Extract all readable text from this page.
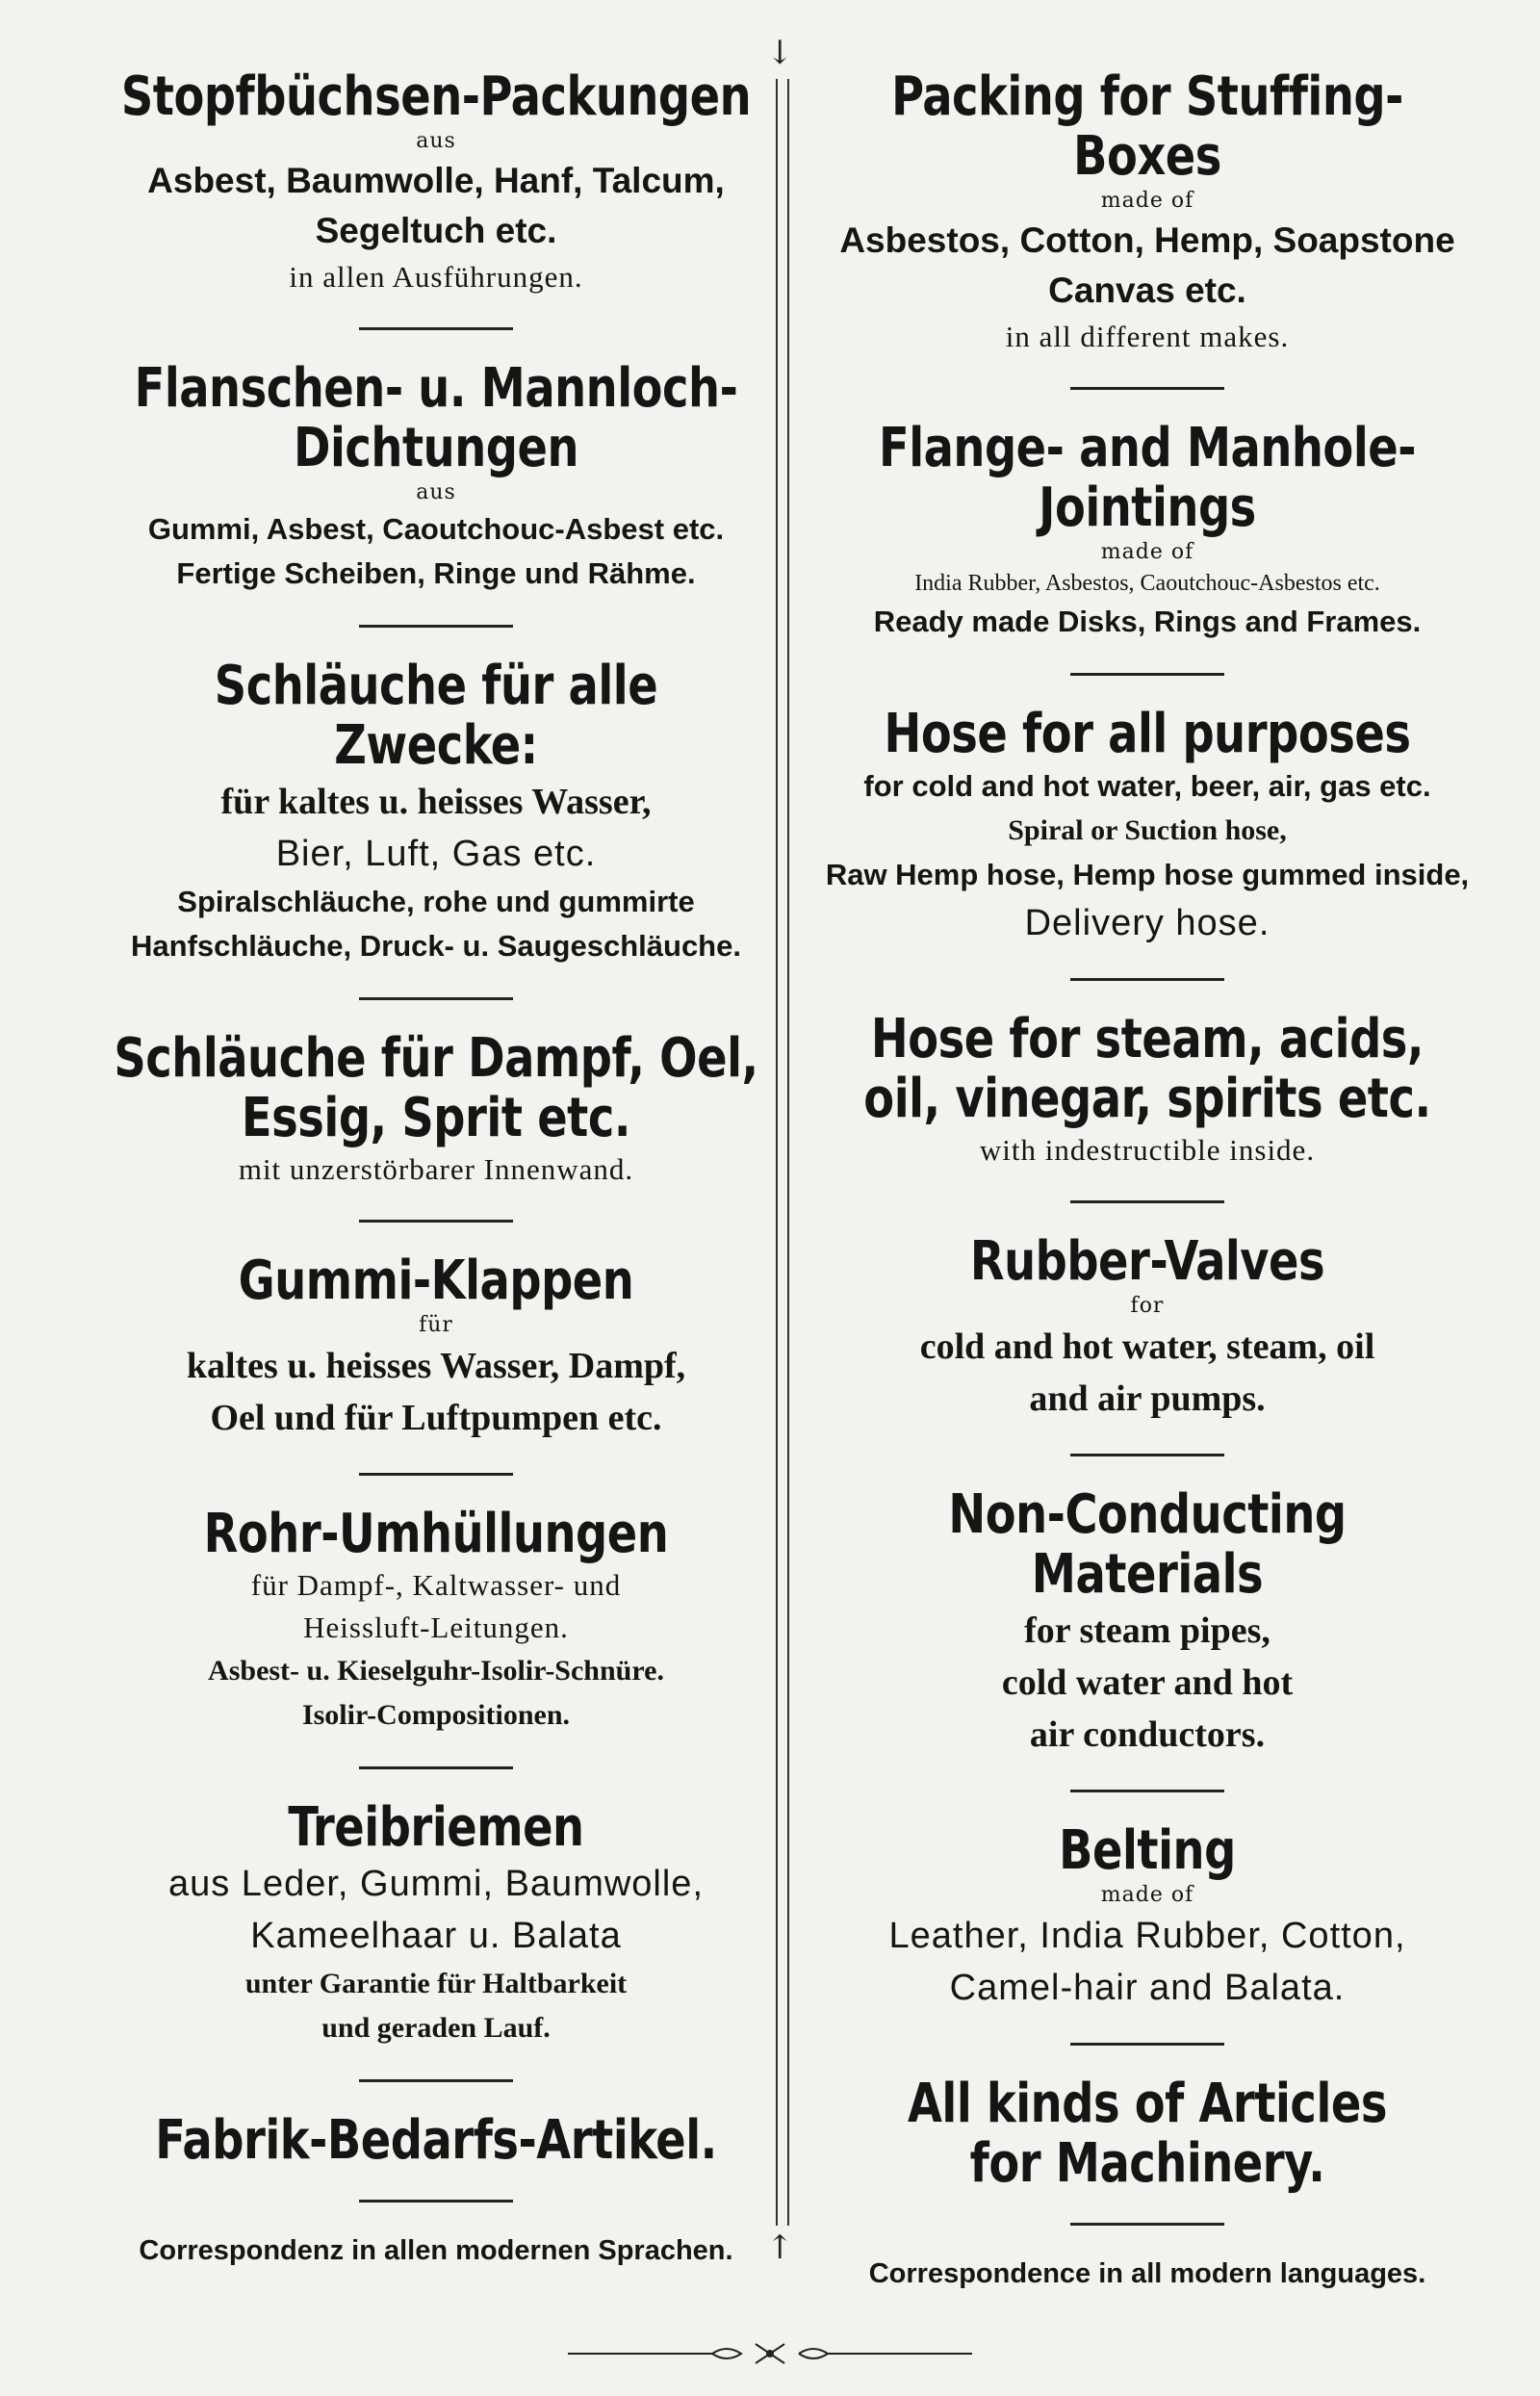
Stopfbüchsen-Packungen

aus

Asbest, Baumwolle, Hanf, Talcum,

Segeltuch etc.

in allen Ausführungen.

Flanschen- u. Mannloch-

Dichtungen

aus

Gummi, Asbest, Caoutchouc-Asbest etc.

Fertige Scheiben, Ringe und Rähme.

Schläuche für alle Zwecke:

für kaltes u. heisses Wasser,

Bier, Luft, Gas etc.

Spiralschläuche, rohe und gummirte

Hanfschläuche, Druck- u. Saugeschläuche.

Schläuche für Dampf, Oel,

Essig, Sprit etc.

mit unzerstörbarer Innenwand.

Gummi-Klappen

für

kaltes u. heisses Wasser, Dampf,

Oel und für Luftpumpen etc.

Rohr-Umhüllungen

für Dampf-, Kaltwasser- und

Heissluft-Leitungen.

Asbest- u. Kieselguhr-Isolir-Schnüre.

Isolir-Compositionen.

Treibriemen

aus Leder, Gummi, Baumwolle,

Kameelhaar u. Balata

unter Garantie für Haltbarkeit

und geraden Lauf.

Fabrik-Bedarfs-Artikel.

Correspondenz in allen modernen Sprachen.

↓
↑

Packing for Stuffing-Boxes

made of

Asbestos, Cotton, Hemp, Soapstone

Canvas etc.

in all different makes.

Flange- and Manhole-

Jointings

made of

India Rubber, Asbestos, Caoutchouc-Asbestos etc.

Ready made Disks, Rings and Frames.

Hose for all purposes

for cold and hot water, beer, air, gas etc.

Spiral or Suction hose,

Raw Hemp hose, Hemp hose gummed inside,

Delivery hose.

Hose for steam, acids,

oil, vinegar, spirits etc.

with indestructible inside.

Rubber-Valves

for

cold and hot water, steam, oil

and air pumps.

Non-Conducting Materials

for steam pipes,

cold water and hot

air conductors.

Belting

made of

Leather, India Rubber, Cotton,

Camel-hair and Balata.

All kinds of Articles

for Machinery.

Correspondence in all modern languages.
